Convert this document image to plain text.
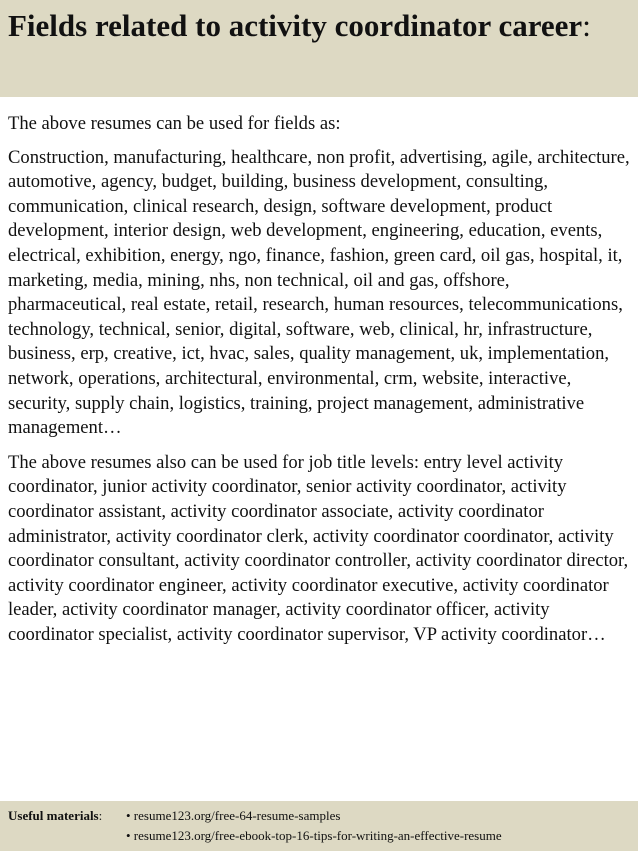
Fields related to activity coordinator career:

The above resumes can be used for fields as:

Construction, manufacturing, healthcare, non profit, advertising, agile, architecture, automotive, agency, budget, building, business development, consulting, communication, clinical research, design, software development, product development, interior design, web development, engineering, education, events, electrical, exhibition, energy, ngo, finance, fashion, green card, oil gas, hospital, it, marketing, media, mining, nhs, non technical, oil and gas, offshore, pharmaceutical, real estate, retail, research, human resources, telecommunications, technology, technical, senior, digital, software, web, clinical, hr, infrastructure, business, erp, creative, ict, hvac, sales, quality management, uk, implementation, network, operations, architectural, environmental, crm, website, interactive, security, supply chain, logistics, training, project management, administrative management…

The above resumes also can be used for job title levels: entry level activity coordinator, junior activity coordinator, senior activity coordinator, activity coordinator assistant, activity coordinator associate, activity coordinator administrator, activity coordinator clerk, activity coordinator coordinator, activity coordinator consultant, activity coordinator controller, activity coordinator director, activity coordinator engineer, activity coordinator executive, activity coordinator leader, activity coordinator manager, activity coordinator officer, activity coordinator specialist, activity coordinator supervisor, VP activity coordinator…

Useful materials:	• resume123.org/free-64-resume-samples
• resume123.org/free-ebook-top-16-tips-for-writing-an-effective-resume
